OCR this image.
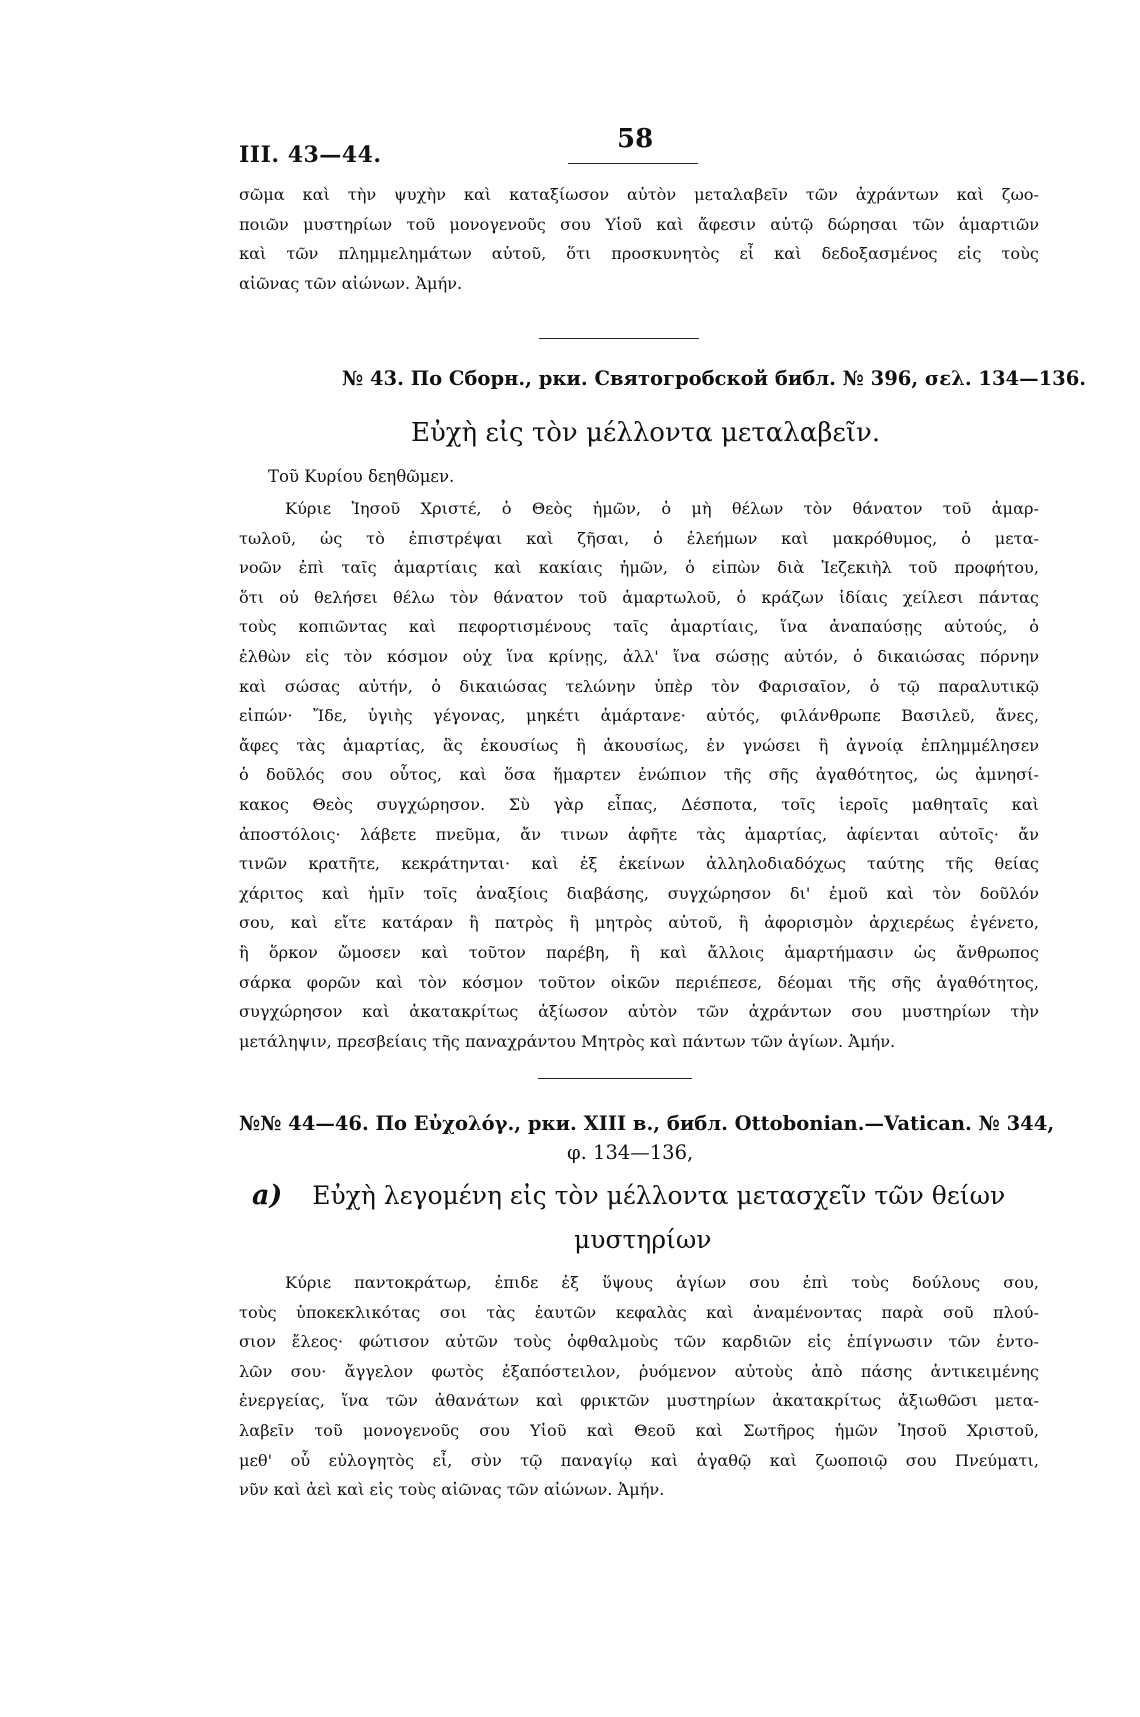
III. 43—44.
58
σῶμα καὶ τὴν ψυχὴν καὶ καταξίωσον αὐτὸν μεταλαβεῖν τῶν ἀχράντων καὶ ζωο-
ποιῶν μυστηρίων τοῦ μονογενοῦς σου Υἱοῦ καὶ ἄφεσιν αὐτῷ δώρησαι τῶν ἁμαρτιῶν
καὶ τῶν πλημμελημάτων αὐτοῦ, ὅτι προσκυνητὸς εἶ καὶ δεδοξασμένος εἰς τοὺς
αἰῶνας τῶν αἰώνων. Ἀμήν.
№ 43. По Сборн., рки. Святогробской библ. № 396, σελ. 134—136.
Εὐχὴ εἰς τὸν μέλλοντα μεταλαβεῖν.
Τοῦ Κυρίου δεηθῶμεν.
Κύριε Ἰησοῦ Χριστέ, ὁ Θεὸς ἡμῶν, ὁ μὴ θέλων τὸν θάνατον τοῦ ἁμαρ-
τωλοῦ, ὡς τὸ ἐπιστρέψαι καὶ ζῆσαι, ὁ ἐλεήμων καὶ μακρόθυμος, ὁ μετα-
νοῶν ἐπὶ ταῖς ἁμαρτίαις καὶ κακίαις ἡμῶν, ὁ εἰπὼν διὰ Ἰεζεκιὴλ τοῦ προφήτου,
ὅτι οὐ θελήσει θέλω τὸν θάνατον τοῦ ἁμαρτωλοῦ, ὁ κράζων ἰδίαις χείλεσι πάντας
τοὺς κοπιῶντας καὶ πεφορτισμένους ταῖς ἁμαρτίαις, ἵνα ἀναπαύσῃς αὐτούς, ὁ
ἐλθὼν εἰς τὸν κόσμον οὐχ ἵνα κρίνῃς, ἀλλ' ἵνα σώσῃς αὐτόν, ὁ δικαιώσας πόρνην
καὶ σώσας αὐτήν, ὁ δικαιώσας τελώνην ὑπὲρ τὸν Φαρισαῖον, ὁ τῷ παραλυτικῷ
εἰπών· Ἴδε, ὑγιὴς γέγονας, μηκέτι ἁμάρτανε· αὐτός, φιλάνθρωπε Βασιλεῦ, ἄνες,
ἄφες τὰς ἁμαρτίας, ἃς ἑκουσίως ἢ ἀκουσίως, ἐν γνώσει ἢ ἀγνοίᾳ ἐπλημμέλησεν
ὁ δοῦλός σου οὗτος, καὶ ὅσα ἥμαρτεν ἐνώπιον τῆς σῆς ἀγαθότητος, ὡς ἀμνησί-
κακος Θεὸς συγχώρησον. Σὺ γὰρ εἶπας, Δέσποτα, τοῖς ἱεροῖς μαθηταῖς καὶ
ἀποστόλοις· λάβετε πνεῦμα, ἄν τινων ἀφῆτε τὰς ἁμαρτίας, ἀφίενται αὐτοῖς· ἄν
τινῶν κρατῆτε, κεκράτηνται· καὶ ἐξ ἐκείνων ἀλληλοδιαδόχως ταύτης τῆς θείας
χάριτος καὶ ἡμῖν τοῖς ἀναξίοις διαβάσης, συγχώρησον δι' ἐμοῦ καὶ τὸν δοῦλόν
σου, καὶ εἴτε κατάραν ἢ πατρὸς ἢ μητρὸς αὐτοῦ, ἢ ἀφορισμὸν ἀρχιερέως ἐγένετο,
ἢ ὅρκον ὤμοσεν καὶ τοῦτον παρέβη, ἢ καὶ ἄλλοις ἁμαρτήμασιν ὡς ἄνθρωπος
σάρκα φορῶν καὶ τὸν κόσμον τοῦτον οἰκῶν περιέπεσε, δέομαι τῆς σῆς ἀγαθότητος,
συγχώρησον καὶ ἀκατακρίτως ἀξίωσον αὐτὸν τῶν ἀχράντων σου μυστηρίων τὴν
μετάληψιν, πρεσβείαις τῆς παναχράντου Μητρὸς καὶ πάντων τῶν ἁγίων. Ἀμήν.
№№ 44—46. По Εὐχολόγ., рки. XIII в., библ. Ottobonian.—Vatican. № 344,
φ. 134—136,
a) Εὐχὴ λεγομένη εἰς τὸν μέλλοντα μετασχεῖν τῶν θείων
μυστηρίων
Κύριε παντοκράτωρ, ἐπιδε ἐξ ὕψους ἁγίων σου ἐπὶ τοὺς δούλους σου,
τοὺς ὑποκεκλικότας σοι τὰς ἑαυτῶν κεφαλὰς καὶ ἀναμένοντας παρὰ σοῦ πλού-
σιον ἔλεος· φώτισον αὐτῶν τοὺς ὀφθαλμοὺς τῶν καρδιῶν εἰς ἐπίγνωσιν τῶν ἐντο-
λῶν σου· ἄγγελον φωτὸς ἐξαπόστειλον, ῥυόμενον αὐτοὺς ἀπὸ πάσης ἀντικειμένης
ἐνεργείας, ἵνα τῶν ἀθανάτων καὶ φρικτῶν μυστηρίων ἀκατακρίτως ἀξιωθῶσι μετα-
λαβεῖν τοῦ μονογενοῦς σου Υἱοῦ καὶ Θεοῦ καὶ Σωτῆρος ἡμῶν Ἰησοῦ Χριστοῦ,
μεθ' οὗ εὐλογητὸς εἶ, σὺν τῷ παναγίῳ καὶ ἀγαθῷ καὶ ζωοποιῷ σου Πνεύματι,
νῦν καὶ ἀεὶ καὶ εἰς τοὺς αἰῶνας τῶν αἰώνων. Ἀμήν.
